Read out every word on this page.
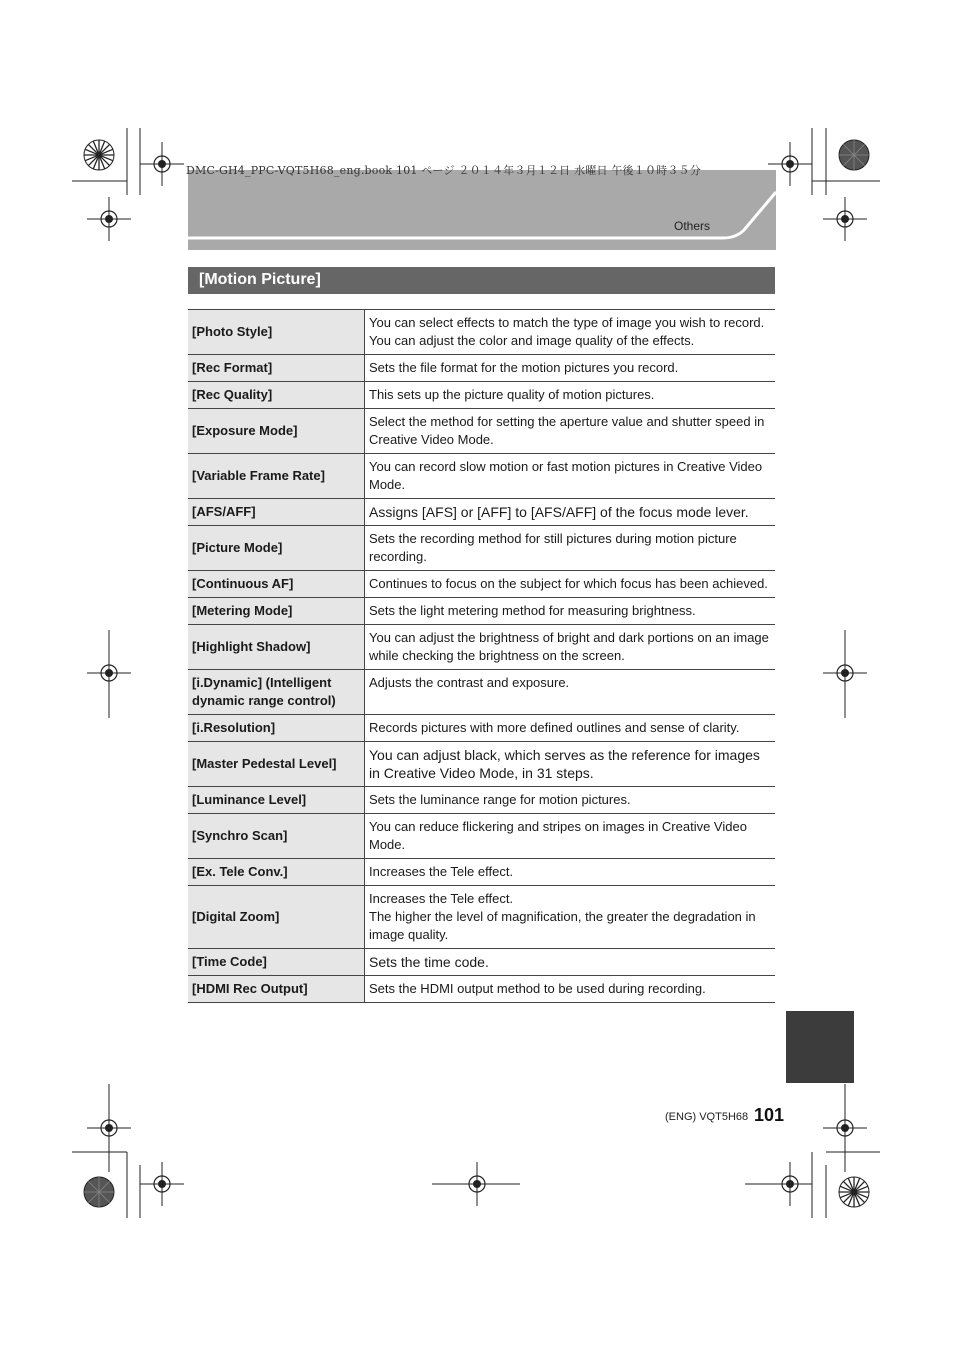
DMC-GH4_PPC-VQT5H68_eng.book 101 ページ ２０１４年３月１２日 水曜日 午後１０時３５分
Others
[Motion Picture]
[Photo Style]	You can select effects to match the type of image you wish to record.
You can adjust the color and image quality of the effects.

[Rec Format]	Sets the file format for the motion pictures you record.

[Rec Quality]	This sets up the picture quality of motion pictures.

[Exposure Mode]	Select the method for setting the aperture value and shutter speed in Creative Video Mode.

[Variable Frame Rate]	You can record slow motion or fast motion pictures in Creative Video Mode.

[AFS/AFF]	Assigns [AFS] or [AFF] to [AFS/AFF] of the focus mode lever.

[Picture Mode]	Sets the recording method for still pictures during motion picture recording.

[Continuous AF]	Continues to focus on the subject for which focus has been achieved.

[Metering Mode]	Sets the light metering method for measuring brightness.

[Highlight Shadow]	You can adjust the brightness of bright and dark portions on an image while checking the brightness on the screen.

[i.Dynamic] (Intelligent dynamic range control)	Adjusts the contrast and exposure.

[i.Resolution]	Records pictures with more defined outlines and sense of clarity.

[Master Pedestal Level]	You can adjust black, which serves as the reference for images in Creative Video Mode, in 31 steps.

[Luminance Level]	Sets the luminance range for motion pictures.

[Synchro Scan]	You can reduce flickering and stripes on images in Creative Video Mode.

[Ex. Tele Conv.]	Increases the Tele effect.

[Digital Zoom]	Increases the Tele effect.
The higher the level of magnification, the greater the degradation in image quality.

[Time Code]	Sets the time code.

[HDMI Rec Output]	Sets the HDMI output method to be used during recording.
(ENG) VQT5H68 101
